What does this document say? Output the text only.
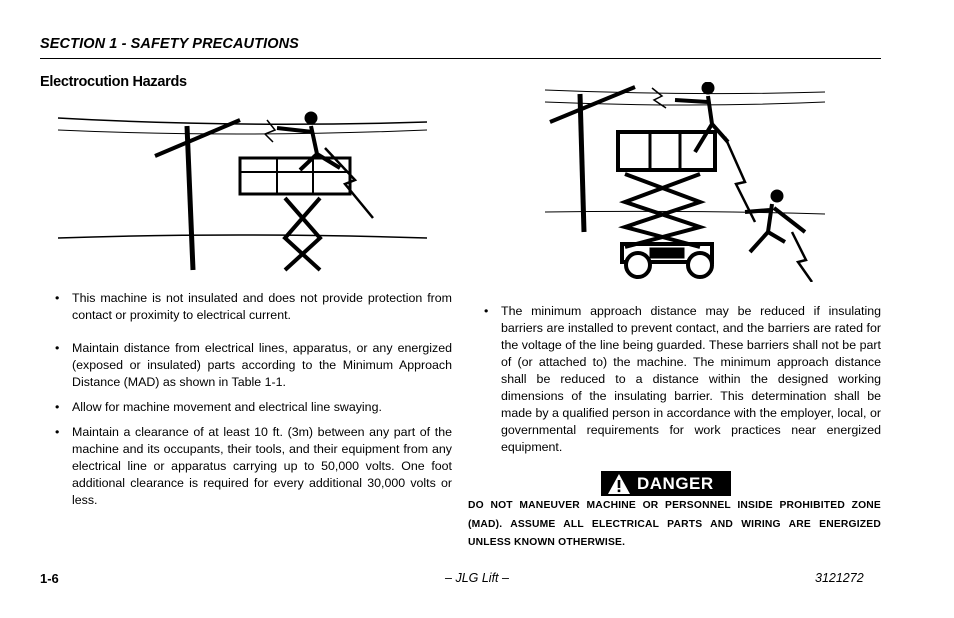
SECTION 1 - SAFETY PRECAUTIONS
Electrocution Hazards
• This machine is not insulated and does not provide protection from contact or proximity to electrical current.
• Maintain distance from electrical lines, apparatus, or any energized (exposed or insulated) parts according to the Minimum Approach Distance (MAD) as shown in Table 1-1.
• Allow for machine movement and electrical line swaying.
• Maintain a clearance of at least 10 ft. (3m) between any part of the machine and its occupants, their tools, and their equipment from any electrical line or apparatus carrying up to 50,000 volts. One foot additional clearance is required for every additional 30,000 volts or less.
• The minimum approach distance may be reduced if insulating barriers are installed to prevent contact, and the barriers are rated for the voltage of the line being guarded. These barriers shall not be part of (or attached to) the machine. The minimum approach distance shall be reduced to a distance within the designed working dimensions of the insulating barrier. This determination shall be made by a qualified person in accordance with the employer, local, or governmental requirements for work practices near energized equipment.
DANGER
DO NOT MANEUVER MACHINE OR PERSONNEL INSIDE PROHIBITED ZONE (MAD). ASSUME ALL ELECTRICAL PARTS AND WIRING ARE ENERGIZED UNLESS KNOWN OTHERWISE.
1-6	– JLG Lift –	3121272
